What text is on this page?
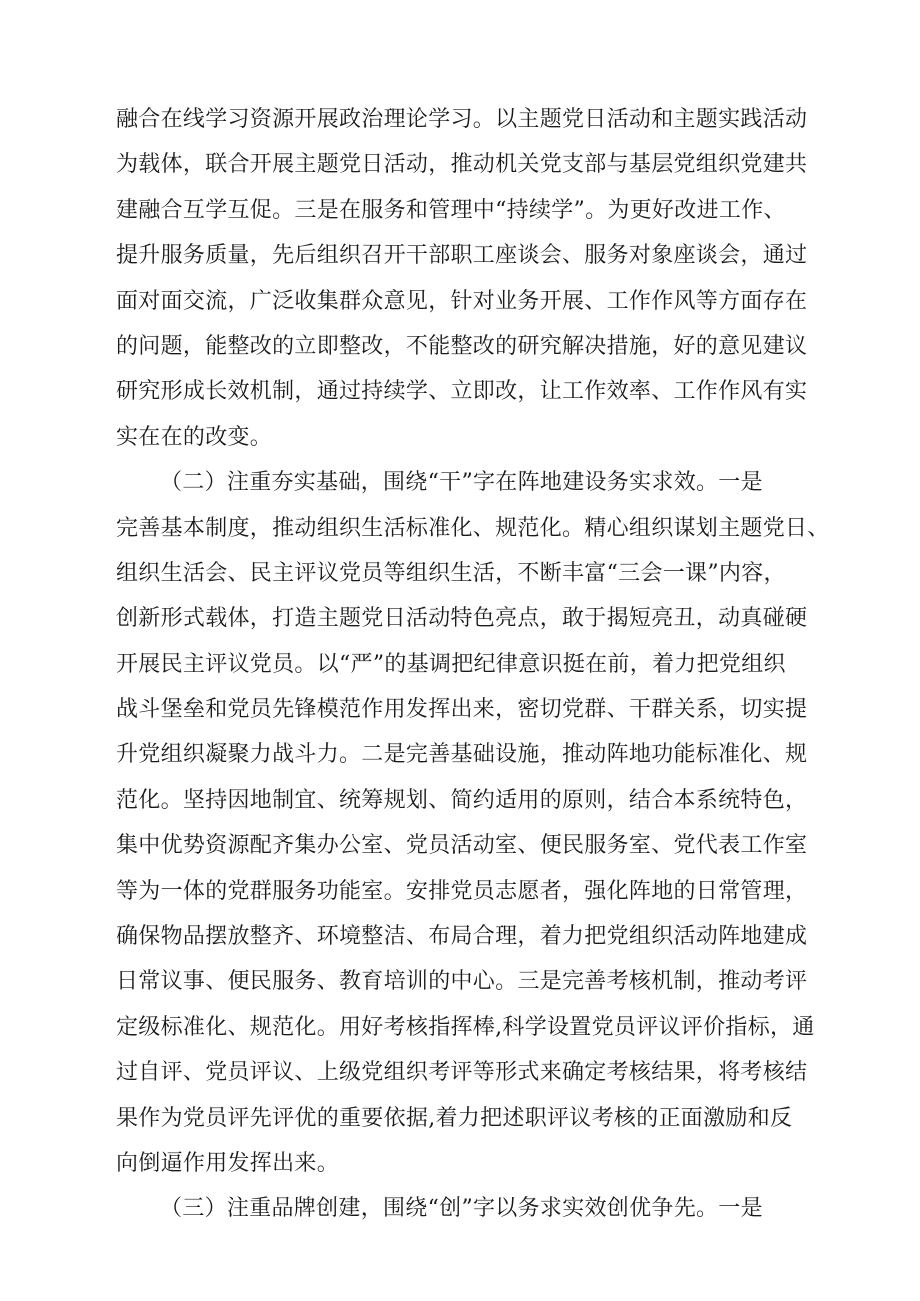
融合在线学习资源开展政治理论学习。以主题党日活动和主题实践活动
为载体，联合开展主题党日活动，推动机关党支部与基层党组织党建共
建融合互学互促。三是在服务和管理中“持续学”。为更好改进工作、
提升服务质量，先后组织召开干部职工座谈会、服务对象座谈会，通过
面对面交流，广泛收集群众意见，针对业务开展、工作作风等方面存在
的问题，能整改的立即整改，不能整改的研究解决措施，好的意见建议
研究形成长效机制，通过持续学、立即改，让工作效率、工作作风有实
实在在的改变。
（二）注重夯实基础，围绕“干”字在阵地建设务实求效。一是
完善基本制度，推动组织生活标准化、规范化。精心组织谋划主题党日、
组织生活会、民主评议党员等组织生活，不断丰富“三会一课”内容，
创新形式载体，打造主题党日活动特色亮点，敢于揭短亮丑，动真碰硬
开展民主评议党员。以“严”的基调把纪律意识挺在前，着力把党组织
战斗堡垒和党员先锋模范作用发挥出来，密切党群、干群关系，切实提
升党组织凝聚力战斗力。二是完善基础设施，推动阵地功能标准化、规
范化。坚持因地制宜、统筹规划、简约适用的原则，结合本系统特色，
集中优势资源配齐集办公室、党员活动室、便民服务室、党代表工作室
等为一体的党群服务功能室。安排党员志愿者，强化阵地的日常管理，
确保物品摆放整齐、环境整洁、布局合理，着力把党组织活动阵地建成
日常议事、便民服务、教育培训的中心。三是完善考核机制，推动考评
定级标准化、规范化。用好考核指挥棒,科学设置党员评议评价指标，通
过自评、党员评议、上级党组织考评等形式来确定考核结果，将考核结
果作为党员评先评优的重要依据,着力把述职评议考核的正面激励和反
向倒逼作用发挥出来。
（三）注重品牌创建，围绕“创”字以务求实效创优争先。一是
